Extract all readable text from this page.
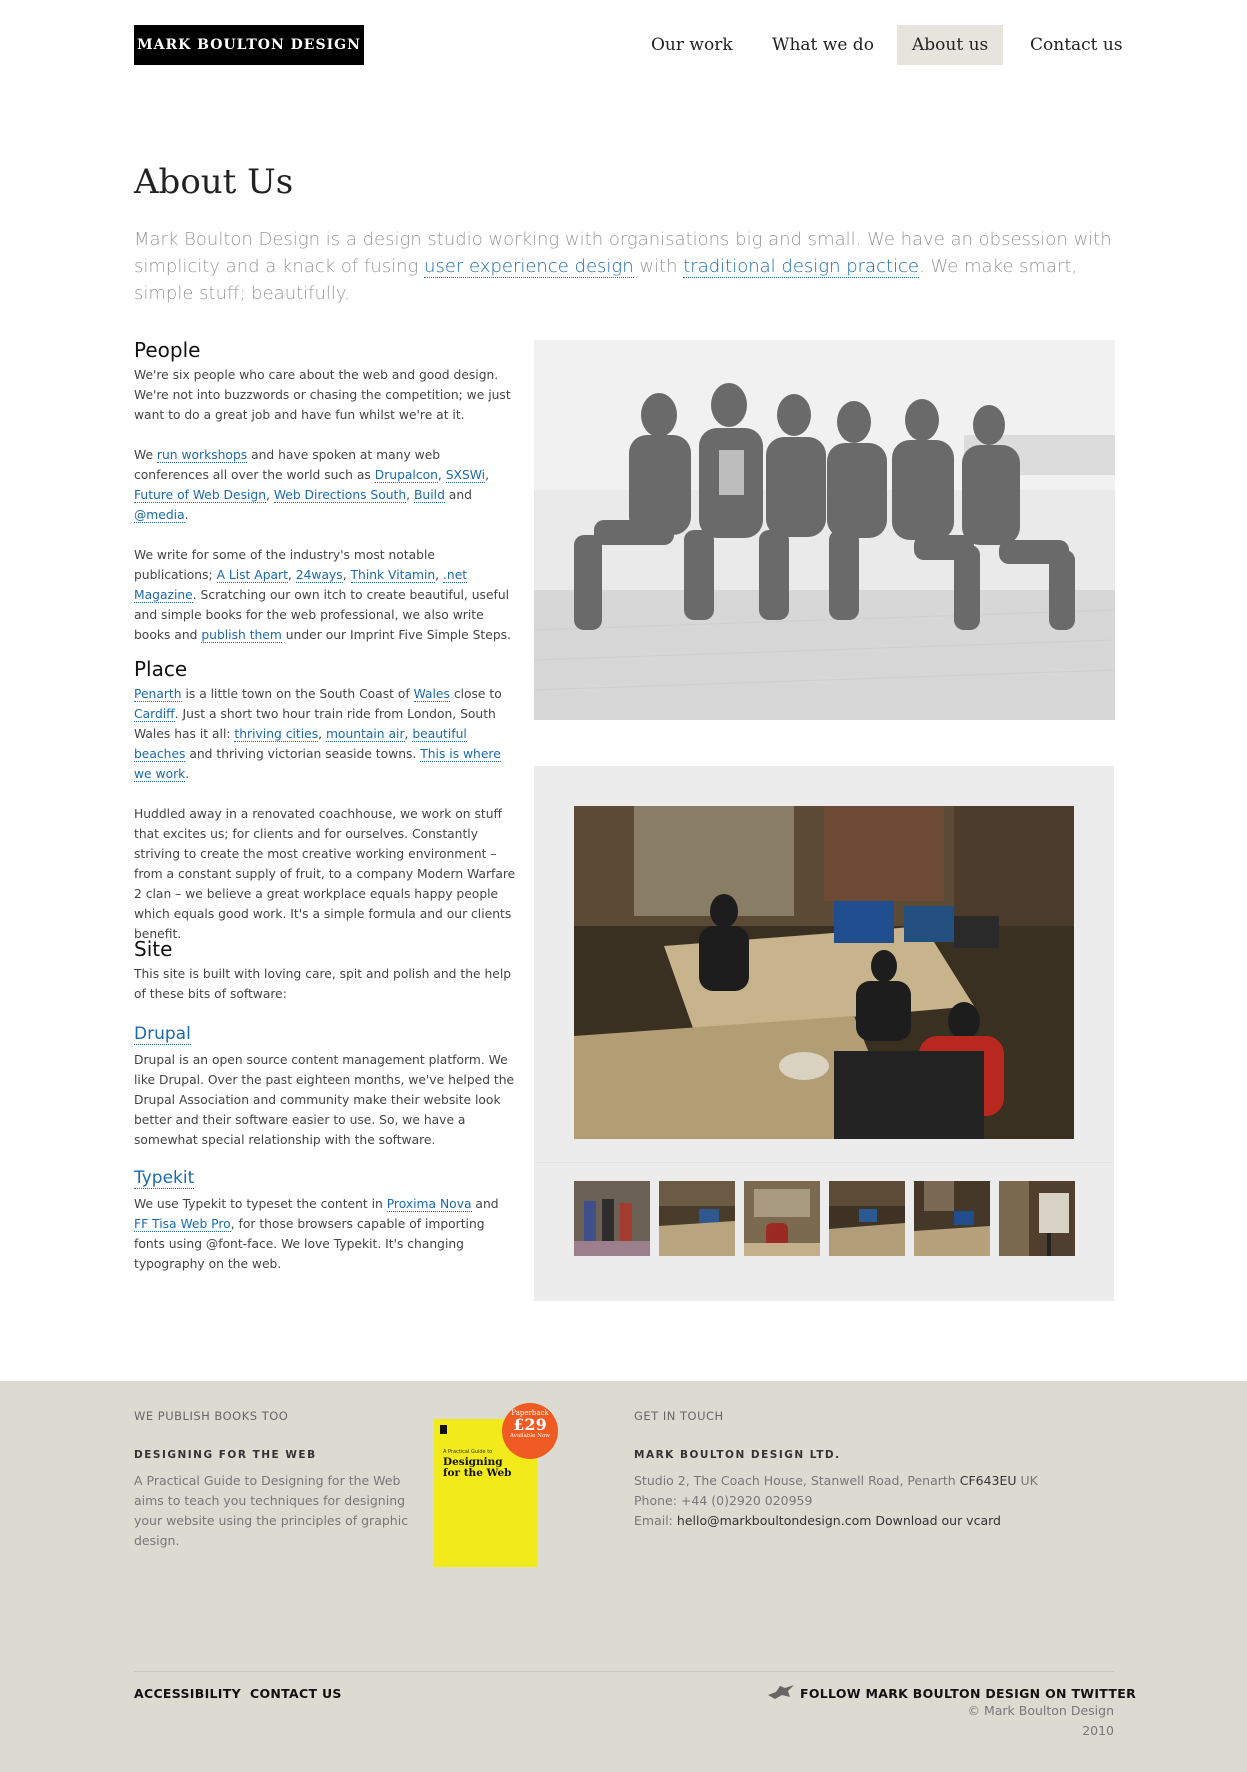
MARK BOULTON DESIGN	Our work	What we do	About us	Contact us
About Us
Mark Boulton Design is a design studio working with organisations big and small. We have an obsession with simplicity and a knack of fusing user experience design with traditional design practice. We make smart, simple stuff; beautifully.
People

We're six people who care about the web and good design. We're not into buzzwords or chasing the competition; we just want to do a great job and have fun whilst we're at it.

We run workshops and have spoken at many web conferences all over the world such as Drupalcon, SXSWi, Future of Web Design, Web Directions South, Build and @media.

We write for some of the industry's most notable publications; A List Apart, 24ways, Think Vitamin, .net Magazine. Scratching our own itch to create beautiful, useful and simple books for the web professional, we also write books and publish them under our Imprint Five Simple Steps.

Place

Penarth is a little town on the South Coast of Wales close to Cardiff. Just a short two hour train ride from London, South Wales has it all: thriving cities, mountain air, beautiful beaches and thriving victorian seaside towns. This is where we work.

Huddled away in a renovated coachhouse, we work on stuff that excites us; for clients and for ourselves. Constantly striving to create the most creative working environment – from a constant supply of fruit, to a company Modern Warfare 2 clan – we believe a great workplace equals happy people which equals good work. It's a simple formula and our clients benefit.

Site

This site is built with loving care, spit and polish and the help of these bits of software:

Drupal

Drupal is an open source content management platform. We like Drupal. Over the past eighteen months, we've helped the Drupal Association and community make their website look better and their software easier to use. So, we have a somewhat special relationship with the software.

Typekit

We use Typekit to typeset the content in Proxima Nova and FF Tisa Web Pro, for those browsers capable of importing fonts using @font-face. We love Typekit. It's changing typography on the web.

WE PUBLISH BOOKS TOO
DESIGNING FOR THE WEB
A Practical Guide to Designing for the Web aims to teach you techniques for designing your website using the principles of graphic design.
A Practical Guide to
Designing for the Web
Paperback
£29
Available Now
GET IN TOUCH
MARK BOULTON DESIGN LTD.
Studio 2, The Coach House, Stanwell Road, Penarth CF643EU UK
Phone: +44 (0)2920 020959
Email: hello@markboultondesign.com Download our vcard
ACCESSIBILITY CONTACT US	FOLLOW MARK BOULTON DESIGN ON TWITTER
© Mark Boulton Design 2010
